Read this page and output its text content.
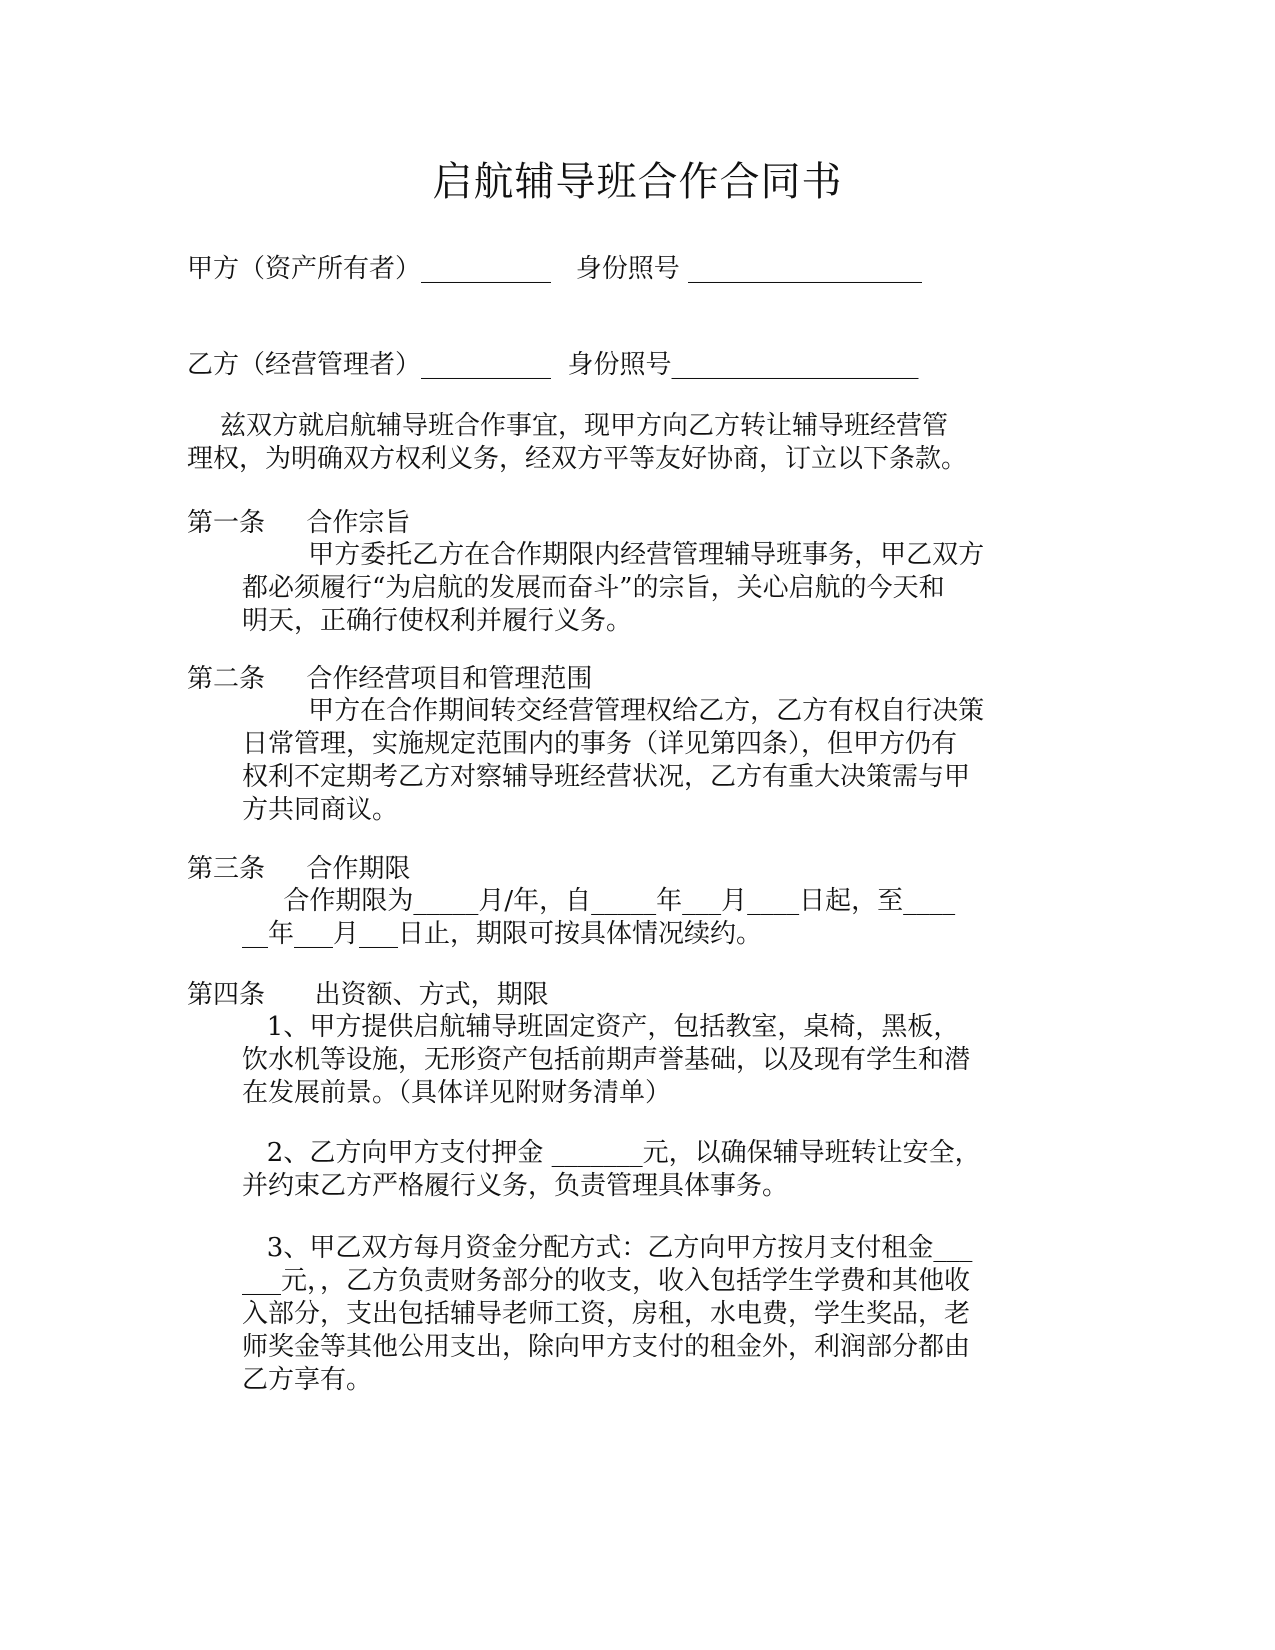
启航辅导班合作合同书

甲方（资产所有者）__________   身份照号 __________________

乙方（经营管理者）__________  身份照号___________________

兹双方就启航辅导班合作事宜，现甲方向乙方转让辅导班经营管
理权，为明确双方权利义务，经双方平等友好协商，订立以下条款。

第一条     合作宗旨

甲方委托乙方在合作期限内经营管理辅导班事务，甲乙双方
都必须履行“为启航的发展而奋斗”的宗旨，关心启航的今天和
明天，正确行使权利并履行义务。

第二条     合作经营项目和管理范围

甲方在合作期间转交经营管理权给乙方，乙方有权自行决策
日常管理，实施规定范围内的事务（详见第四条），但甲方仍有
权利不定期考乙方对察辅导班经营状况，乙方有重大决策需与甲
方共同商议。

第三条     合作期限

合作期限为_____月/年，自_____年___月____日起，至____
__年___月___日止，期限可按具体情况续约。

第四条      出资额、方式，期限

1、甲方提供启航辅导班固定资产，包括教室，桌椅，黑板，
饮水机等设施，无形资产包括前期声誉基础，以及现有学生和潜
在发展前景。（具体详见附财务清单）
2、乙方向甲方支付押金 _______元，以确保辅导班转让安全，
并约束乙方严格履行义务，负责管理具体事务。
3、甲乙双方每月资金分配方式：乙方向甲方按月支付租金___
___元，，乙方负责财务部分的收支，收入包括学生学费和其他收
入部分，支出包括辅导老师工资，房租，水电费，学生奖品，老
师奖金等其他公用支出，除向甲方支付的租金外，利润部分都由
乙方享有。
